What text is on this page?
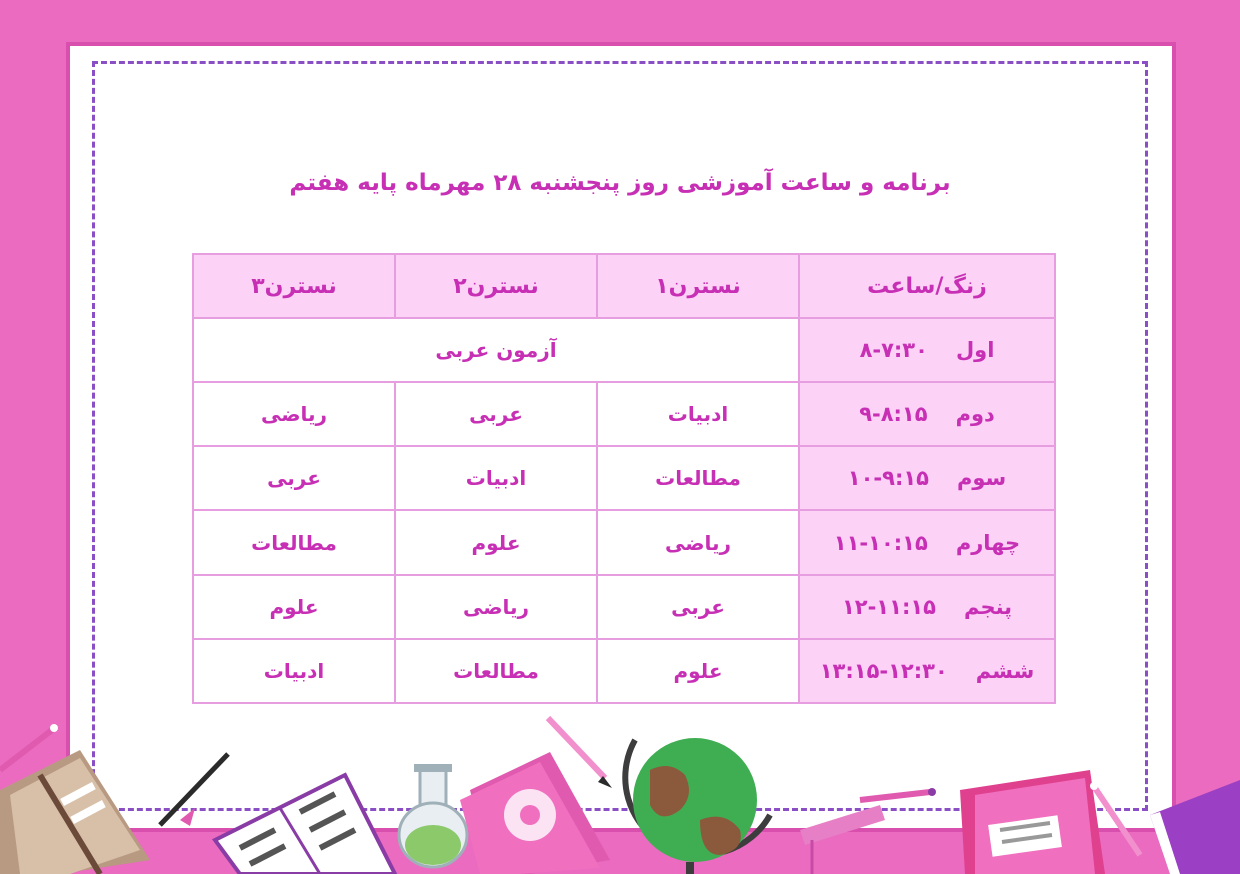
برنامه و ساعت آموزشی روز پنجشنبه ۲۸ مهرماه پایه هفتم
زنگ/ساعت	نسترن۱	نسترن۲	نسترن۳
اول۸-۷:۳۰	آزمون عربی		
دوم۹-۸:۱۵	ادبیات	عربی	ریاضی
سوم۱۰-۹:۱۵	مطالعات	ادبیات	عربی
چهارم۱۱-۱۰:۱۵	ریاضی	علوم	مطالعات
پنجم۱۲-۱۱:۱۵	عربی	ریاضی	علوم
ششم۱۳:۱۵-۱۲:۳۰	علوم	مطالعات	ادبیات
